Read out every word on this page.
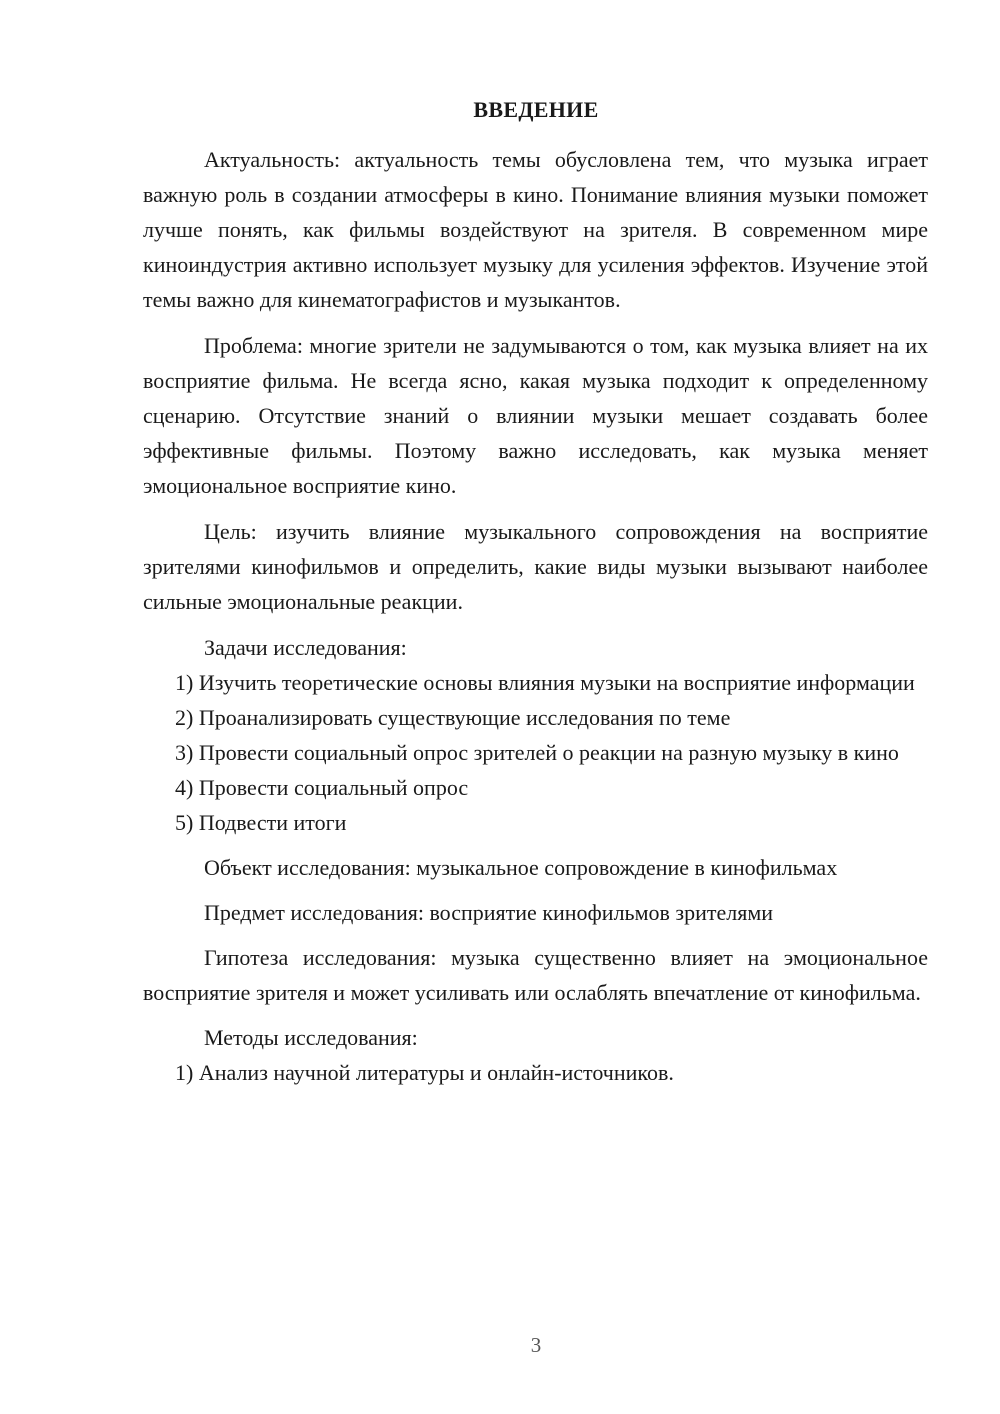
ВВЕДЕНИЕ

Актуальность: актуальность темы обусловлена тем, что музыка играет важную роль в создании атмосферы в кино. Понимание влияния музыки поможет лучше понять, как фильмы воздействуют на зрителя. В современном мире киноиндустрия активно использует музыку для усиления эффектов. Изучение этой темы важно для кинематографистов и музыкантов.

Проблема: многие зрители не задумываются о том, как музыка влияет на их восприятие фильма. Не всегда ясно, какая музыка подходит к определенному сценарию. Отсутствие знаний о влиянии музыки мешает создавать более эффективные фильмы. Поэтому важно исследовать, как музыка меняет эмоциональное восприятие кино.

Цель: изучить влияние музыкального сопровождения на восприятие зрителями кинофильмов и определить, какие виды музыки вызывают наиболее сильные эмоциональные реакции.

Задачи исследования:

1) Изучить теоретические основы влияния музыки на восприятие информации

2) Проанализировать существующие исследования по теме

3) Провести социальный опрос зрителей о реакции на разную музыку в кино

4) Провести социальный опрос

5) Подвести итоги

Объект исследования: музыкальное сопровождение в кинофильмах

Предмет исследования: восприятие кинофильмов зрителями

Гипотеза исследования: музыка существенно влияет на эмоциональное восприятие зрителя и может усиливать или ослаблять впечатление от кинофильма.

Методы исследования:

1) Анализ научной литературы и онлайн-источников.

3
